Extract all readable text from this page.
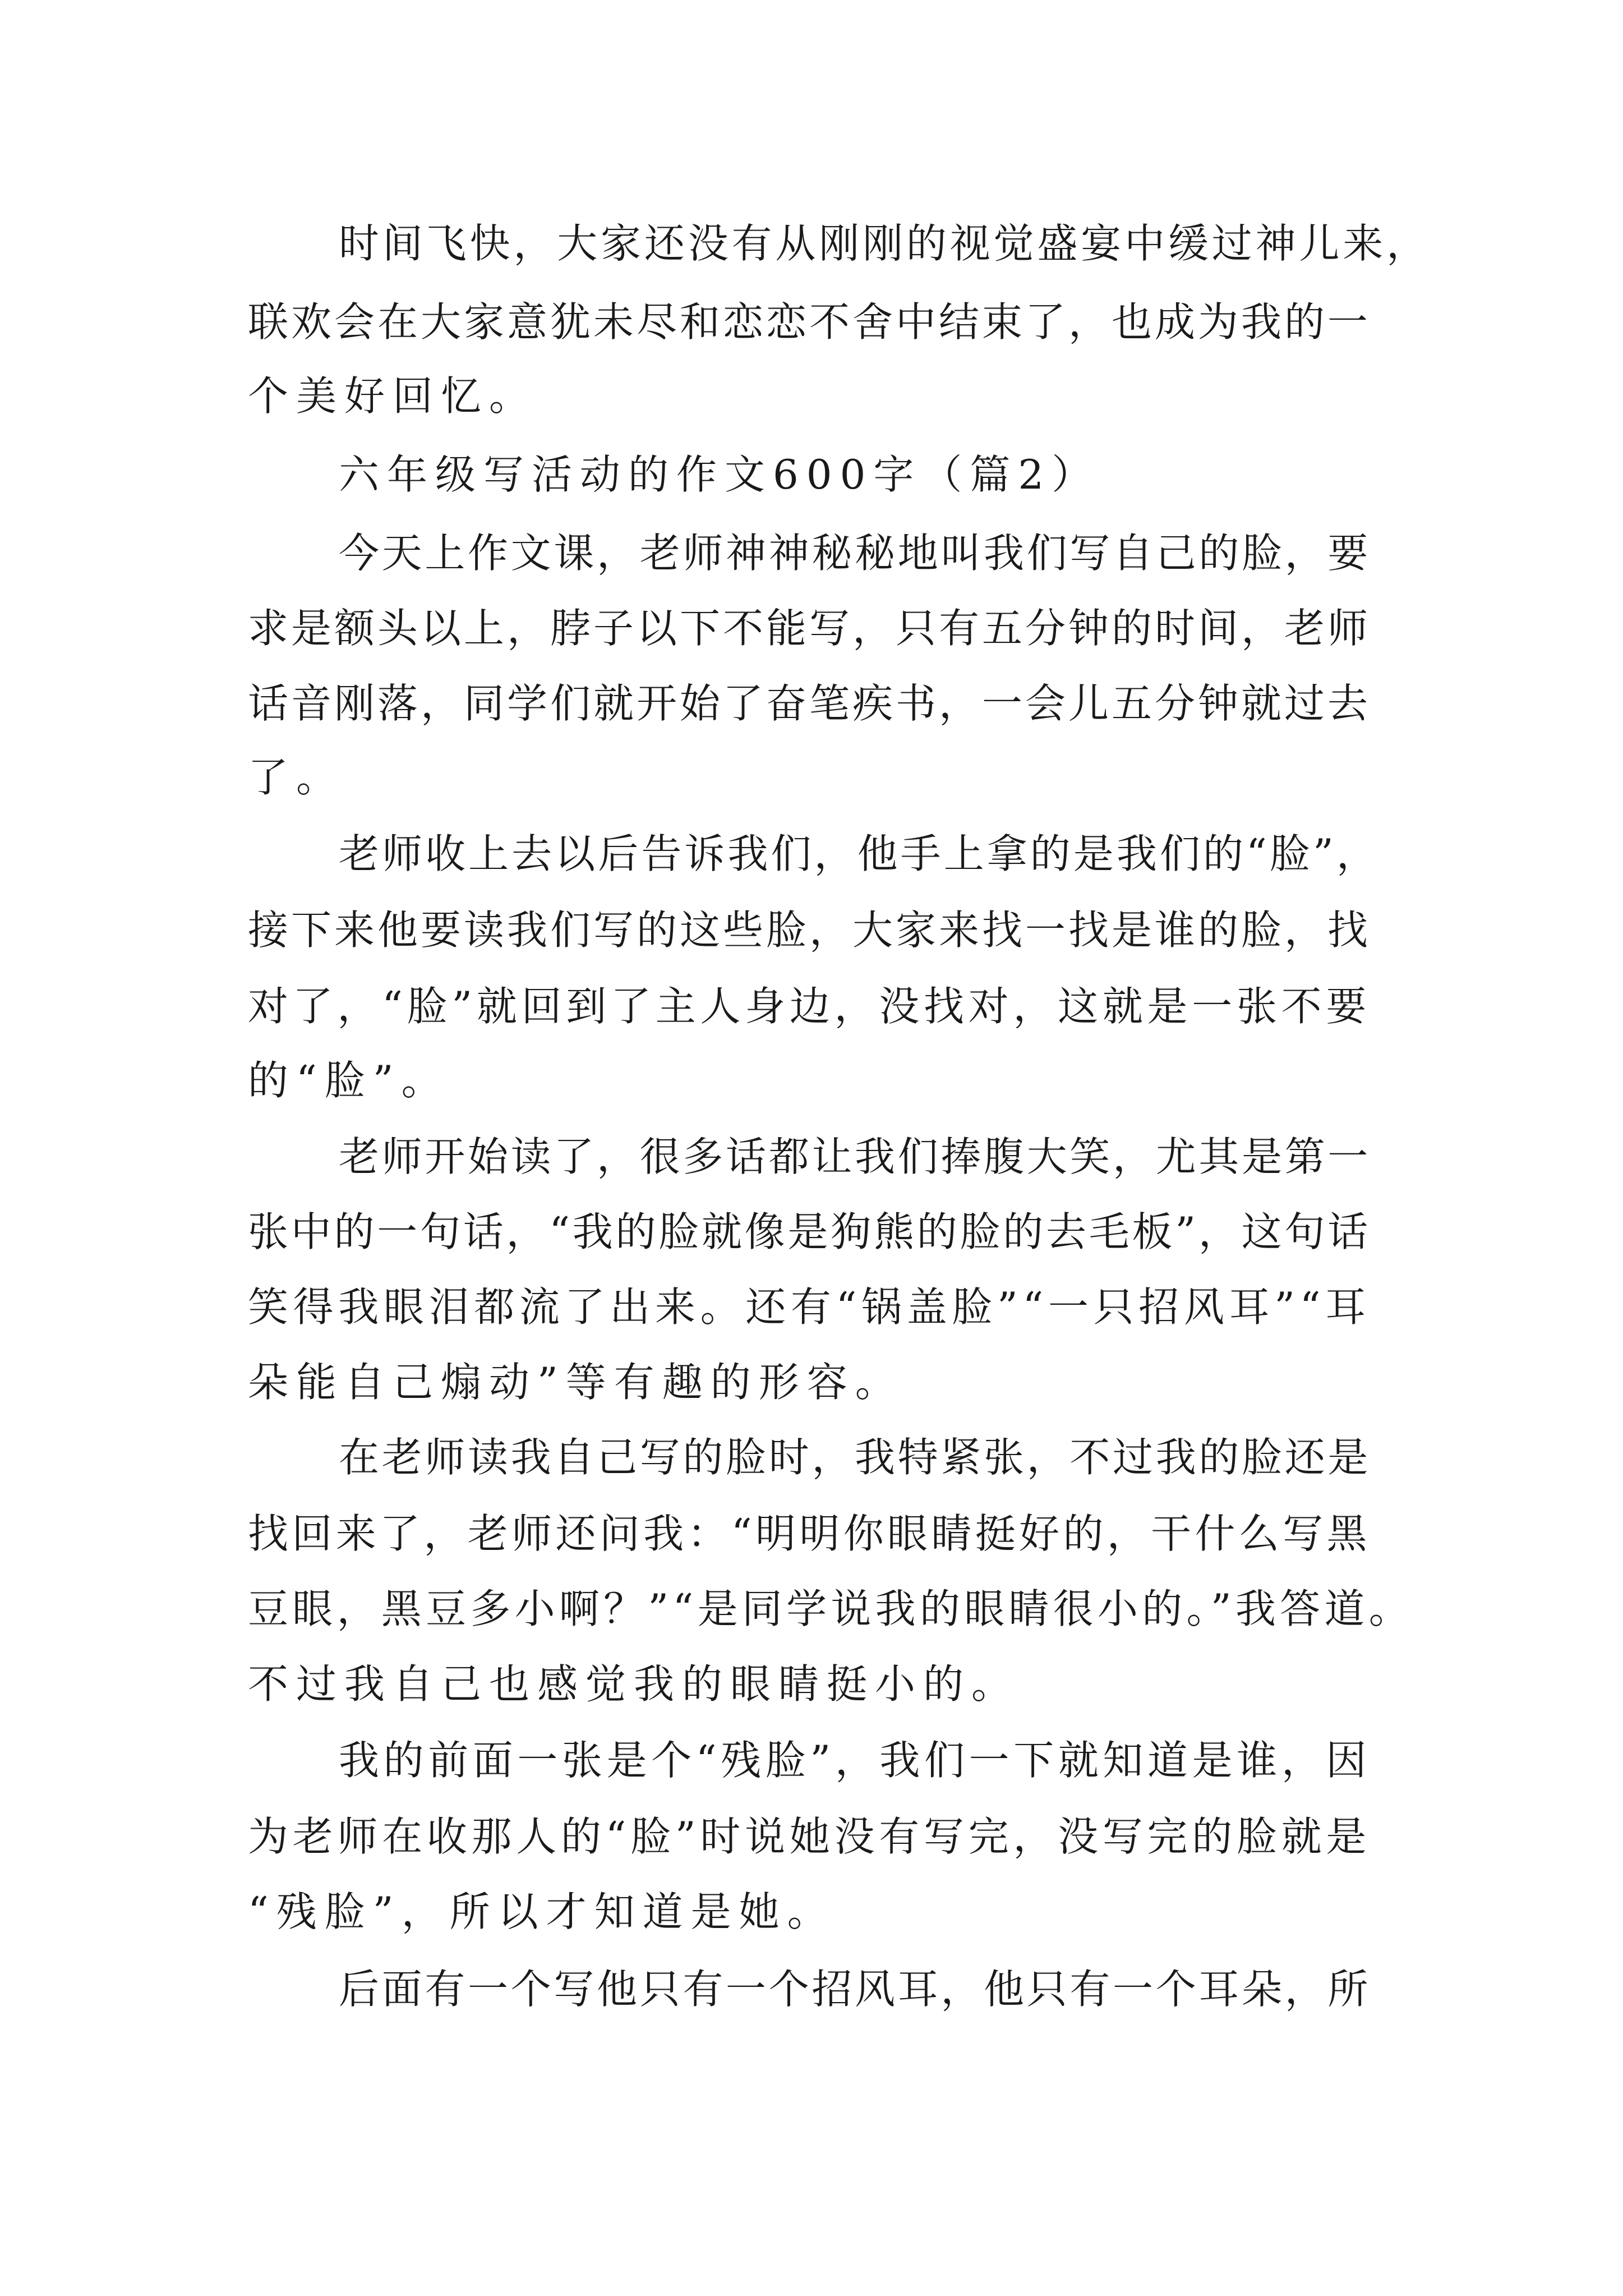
时间飞快，大家还没有从刚刚的视觉盛宴中缓过神儿来，

联欢会在大家意犹未尽和恋恋不舍中结束了，也成为我的一

个美好回忆。

六年级写活动的作文600字（篇2）

今天上作文课，老师神神秘秘地叫我们写自己的脸，要

求是额头以上，脖子以下不能写，只有五分钟的时间，老师

话音刚落，同学们就开始了奋笔疾书，一会儿五分钟就过去

了。

老师收上去以后告诉我们，他手上拿的是我们的“脸”，

接下来他要读我们写的这些脸，大家来找一找是谁的脸，找

对了，“脸”就回到了主人身边，没找对，这就是一张不要

的“脸”。

老师开始读了，很多话都让我们捧腹大笑，尤其是第一

张中的一句话，“我的脸就像是狗熊的脸的去毛板”，这句话

笑得我眼泪都流了出来。还有“锅盖脸”“一只招风耳”“耳

朵能自己煽动”等有趣的形容。

在老师读我自己写的脸时，我特紧张，不过我的脸还是

找回来了，老师还问我：“明明你眼睛挺好的，干什么写黑

豆眼，黑豆多小啊？”“是同学说我的眼睛很小的。”我答道。

不过我自己也感觉我的眼睛挺小的。

我的前面一张是个“残脸”，我们一下就知道是谁，因

为老师在收那人的“脸”时说她没有写完，没写完的脸就是

“残脸”，所以才知道是她。

后面有一个写他只有一个招风耳，他只有一个耳朵，所
